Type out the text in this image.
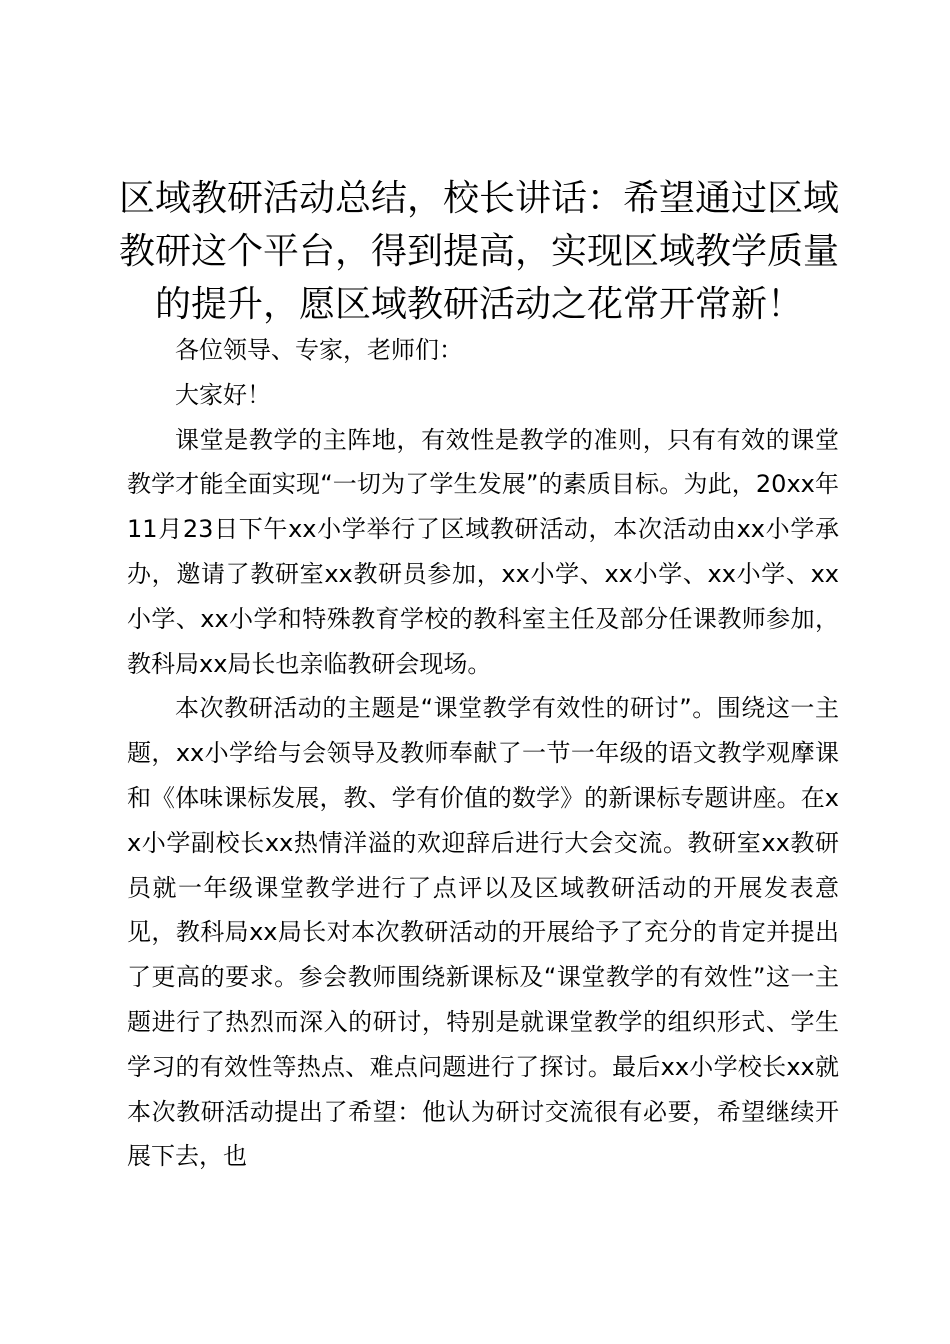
区域教研活动总结，校长讲话：希望通过区域教研这个平台，得到提高，实现区域教学质量的提升，愿区域教研活动之花常开常新！

各位领导、专家，老师们：

大家好！

课堂是教学的主阵地，有效性是教学的准则，只有有效的课堂教学才能全面实现“一切为了学生发展”的素质目标。为此，20xx年11月23日下午xx小学举行了区域教研活动，本次活动由xx小学承办，邀请了教研室xx教研员参加，xx小学、xx小学、xx小学、xx小学、xx小学和特殊教育学校的教科室主任及部分任课教师参加，教科局xx局长也亲临教研会现场。

本次教研活动的主题是“课堂教学有效性的研讨”。围绕这一主题，xx小学给与会领导及教师奉献了一节一年级的语文教学观摩课和《体味课标发展，教、学有价值的数学》的新课标专题讲座。在xx小学副校长xx热情洋溢的欢迎辞后进行大会交流。教研室xx教研员就一年级课堂教学进行了点评以及区域教研活动的开展发表意见，教科局xx局长对本次教研活动的开展给予了充分的肯定并提出了更高的要求。参会教师围绕新课标及“课堂教学的有效性”这一主题进行了热烈而深入的研讨，特别是就课堂教学的组织形式、学生学习的有效性等热点、难点问题进行了探讨。最后xx小学校长xx就本次教研活动提出了希望：他认为研讨交流很有必要，希望继续开展下去，也
